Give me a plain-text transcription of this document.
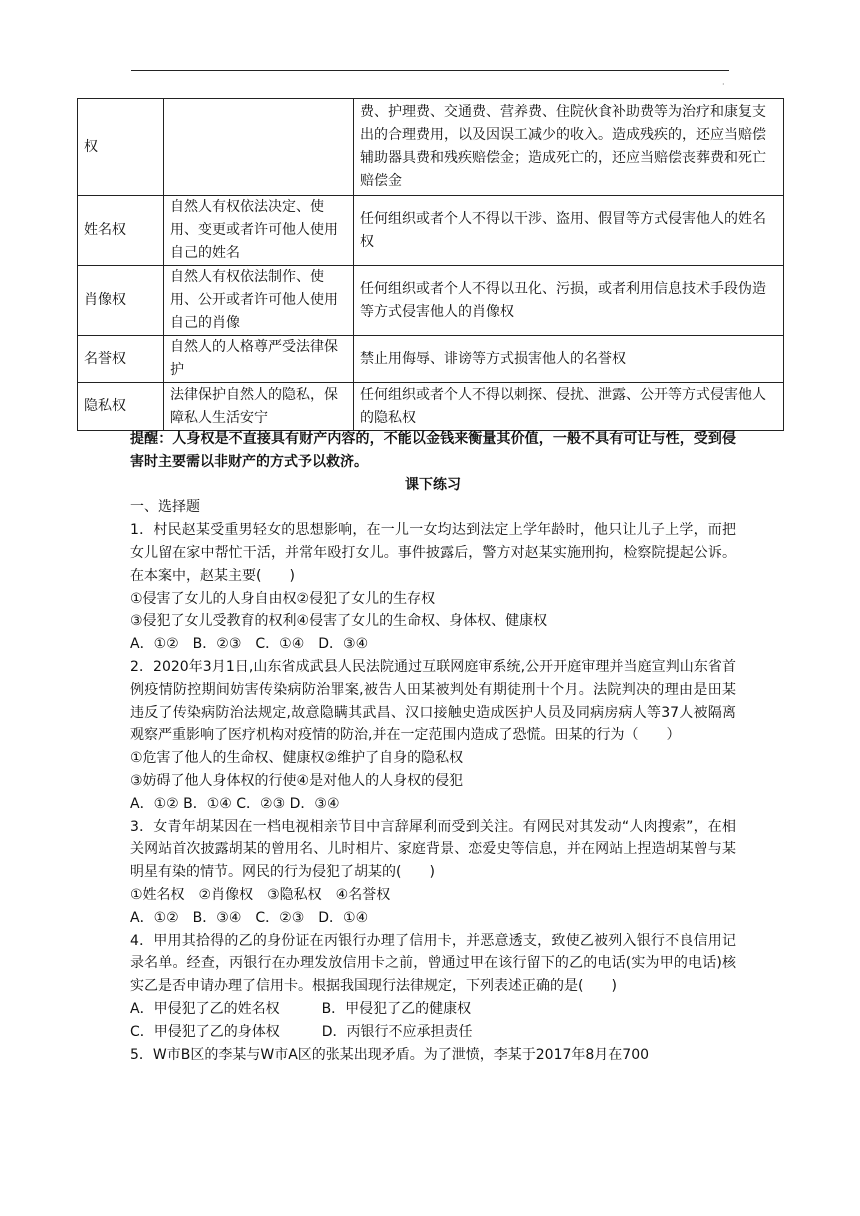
·
权		费、护理费、交通费、营养费、住院伙食补助费等为治疗和康复支出的合理费用，以及因误工减少的收入。造成残疾的，还应当赔偿辅助器具费和残疾赔偿金；造成死亡的，还应当赔偿丧葬费和死亡赔偿金
姓名权	自然人有权依法决定、使用、变更或者许可他人使用自己的姓名	任何组织或者个人不得以干涉、盗用、假冒等方式侵害他人的姓名权
肖像权	自然人有权依法制作、使用、公开或者许可他人使用自己的肖像	任何组织或者个人不得以丑化、污损，或者利用信息技术手段伪造等方式侵害他人的肖像权
名誉权	自然人的人格尊严受法律保护	禁止用侮辱、诽谤等方式损害他人的名誉权
隐私权	法律保护自然人的隐私，保障私人生活安宁	任何组织或者个人不得以刺探、侵扰、泄露、公开等方式侵害他人的隐私权

提醒：人身权是不直接具有财产内容的，不能以金钱来衡量其价值，一般不具有可让与性，受到侵害时主要需以非财产的方式予以救济。

课下练习

一、选择题

1．村民赵某受重男轻女的思想影响，在一儿一女均达到法定上学年龄时，他只让儿子上学，而把女儿留在家中帮忙干活，并常年殴打女儿。事件披露后，警方对赵某实施刑拘，检察院提起公诉。在本案中，赵某主要(　　)

①侵害了女儿的人身自由权②侵犯了女儿的生存权

③侵犯了女儿受教育的权利④侵害了女儿的生命权、身体权、健康权

A．①②　B．②③　C．①④　D．③④

2．2020年3月1日,山东省成武县人民法院通过互联网庭审系统,公开开庭审理并当庭宣判山东省首例疫情防控期间妨害传染病防治罪案,被告人田某被判处有期徒刑十个月。法院判决的理由是田某违反了传染病防治法规定,故意隐瞒其武昌、汉口接触史造成医护人员及同病房病人等37人被隔离观察严重影响了医疗机构对疫情的防治,并在一定范围内造成了恐慌。田某的行为（　　）

①危害了他人的生命权、健康权②维护了自身的隐私权

③妨碍了他人身体权的行使④是对他人的人身权的侵犯

A．①② B．①④ C．②③ D．③④

3．女青年胡某因在一档电视相亲节目中言辞犀利而受到关注。有网民对其发动“人肉搜索”，在相关网站首次披露胡某的曾用名、儿时相片、家庭背景、恋爱史等信息，并在网站上捏造胡某曾与某明星有染的情节。网民的行为侵犯了胡某的(　　)

①姓名权　②肖像权　③隐私权　④名誉权

A．①②　B．③④　C．②③　D．①④

4．甲用其拾得的乙的身份证在丙银行办理了信用卡，并恶意透支，致使乙被列入银行不良信用记录名单。经查，丙银行在办理发放信用卡之前，曾通过甲在该行留下的乙的电话(实为甲的电话)核实乙是否申请办理了信用卡。根据我国现行法律规定，下列表述正确的是(　　)

A．甲侵犯了乙的姓名权　　　B．甲侵犯了乙的健康权

C．甲侵犯了乙的身体权　　　D．丙银行不应承担责任

5．W市B区的李某与W市A区的张某出现矛盾。为了泄愤，李某于2017年8月在700
